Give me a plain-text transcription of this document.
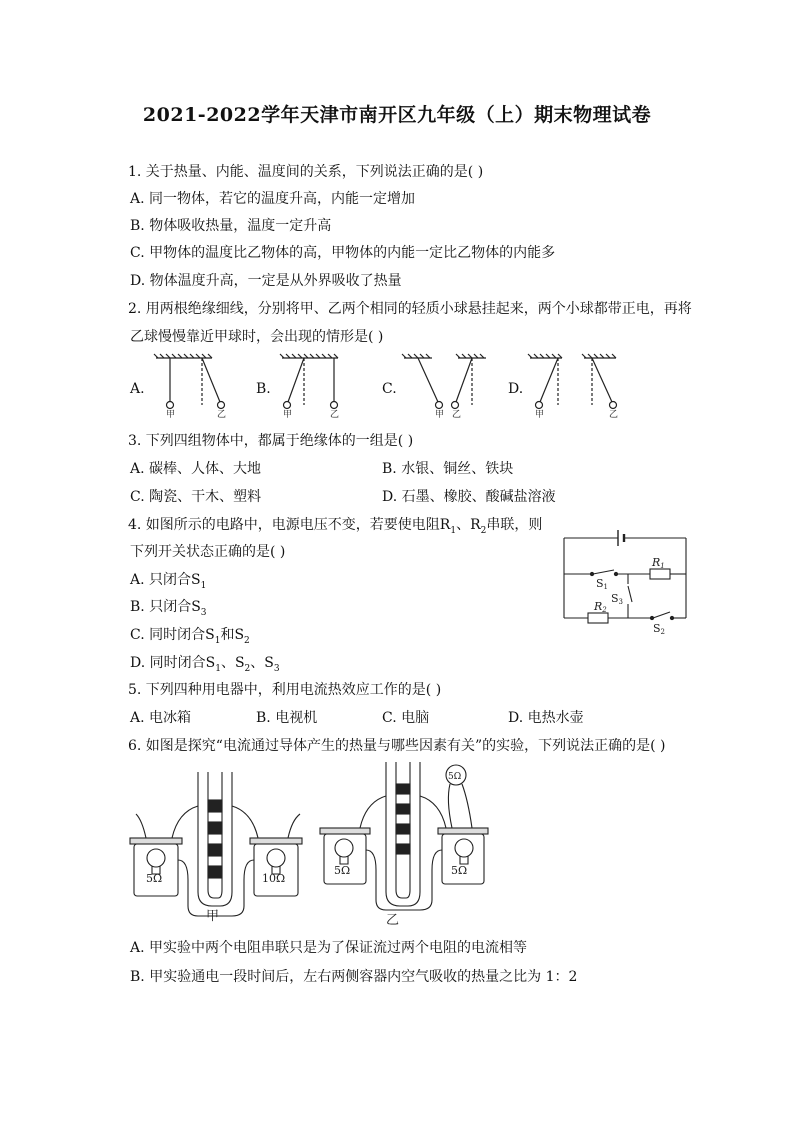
2021-2022学年天津市南开区九年级（上）期末物理试卷
1. 关于热量、内能、温度间的关系，下列说法正确的是( )
A. 同一物体，若它的温度升高，内能一定增加
B. 物体吸收热量，温度一定升高
C. 甲物体的温度比乙物体的高，甲物体的内能一定比乙物体的内能多
D. 物体温度升高，一定是从外界吸收了热量
2. 用两根绝缘细线，分别将甲、乙两个相同的轻质小球悬挂起来，两个小球都带正电，再将
乙球慢慢靠近甲球时，会出现的情形是( )
A.	B.	C.	D.
甲	乙	甲	乙	甲 乙	甲	乙
3. 下列四组物体中，都属于绝缘体的一组是( )
A. 碳棒、人体、大地	B. 水银、铜丝、铁块
C. 陶瓷、干木、塑料	D. 石墨、橡胶、酸碱盐溶液
4. 如图所示的电路中，电源电压不变，若要使电阻$R_1$、$R_2$串联，则
下列开关状态正确的是( )
A. 只闭合$S_1$
B. 只闭合$S_3$
C. 同时闭合$S_1$和$S_2$
D. 同时闭合$S_1$、$S_2$、$S_3$
R1
R2
S1
S3
S2
5. 下列四种用电器中，利用电流热效应工作的是( )
A. 电冰箱	B. 电视机	C. 电脑	D. 电热水壶
6. 如图是探究“电流通过导体产生的热量与哪些因素有关”的实验，下列说法正确的是( )
5Ω	10Ω
5Ω	5Ω
5Ω
甲	乙
A. 甲实验中两个电阻串联只是为了保证流过两个电阻的电流相等
B. 甲实验通电一段时间后，左右两侧容器内空气吸收的热量之比为 1：2
